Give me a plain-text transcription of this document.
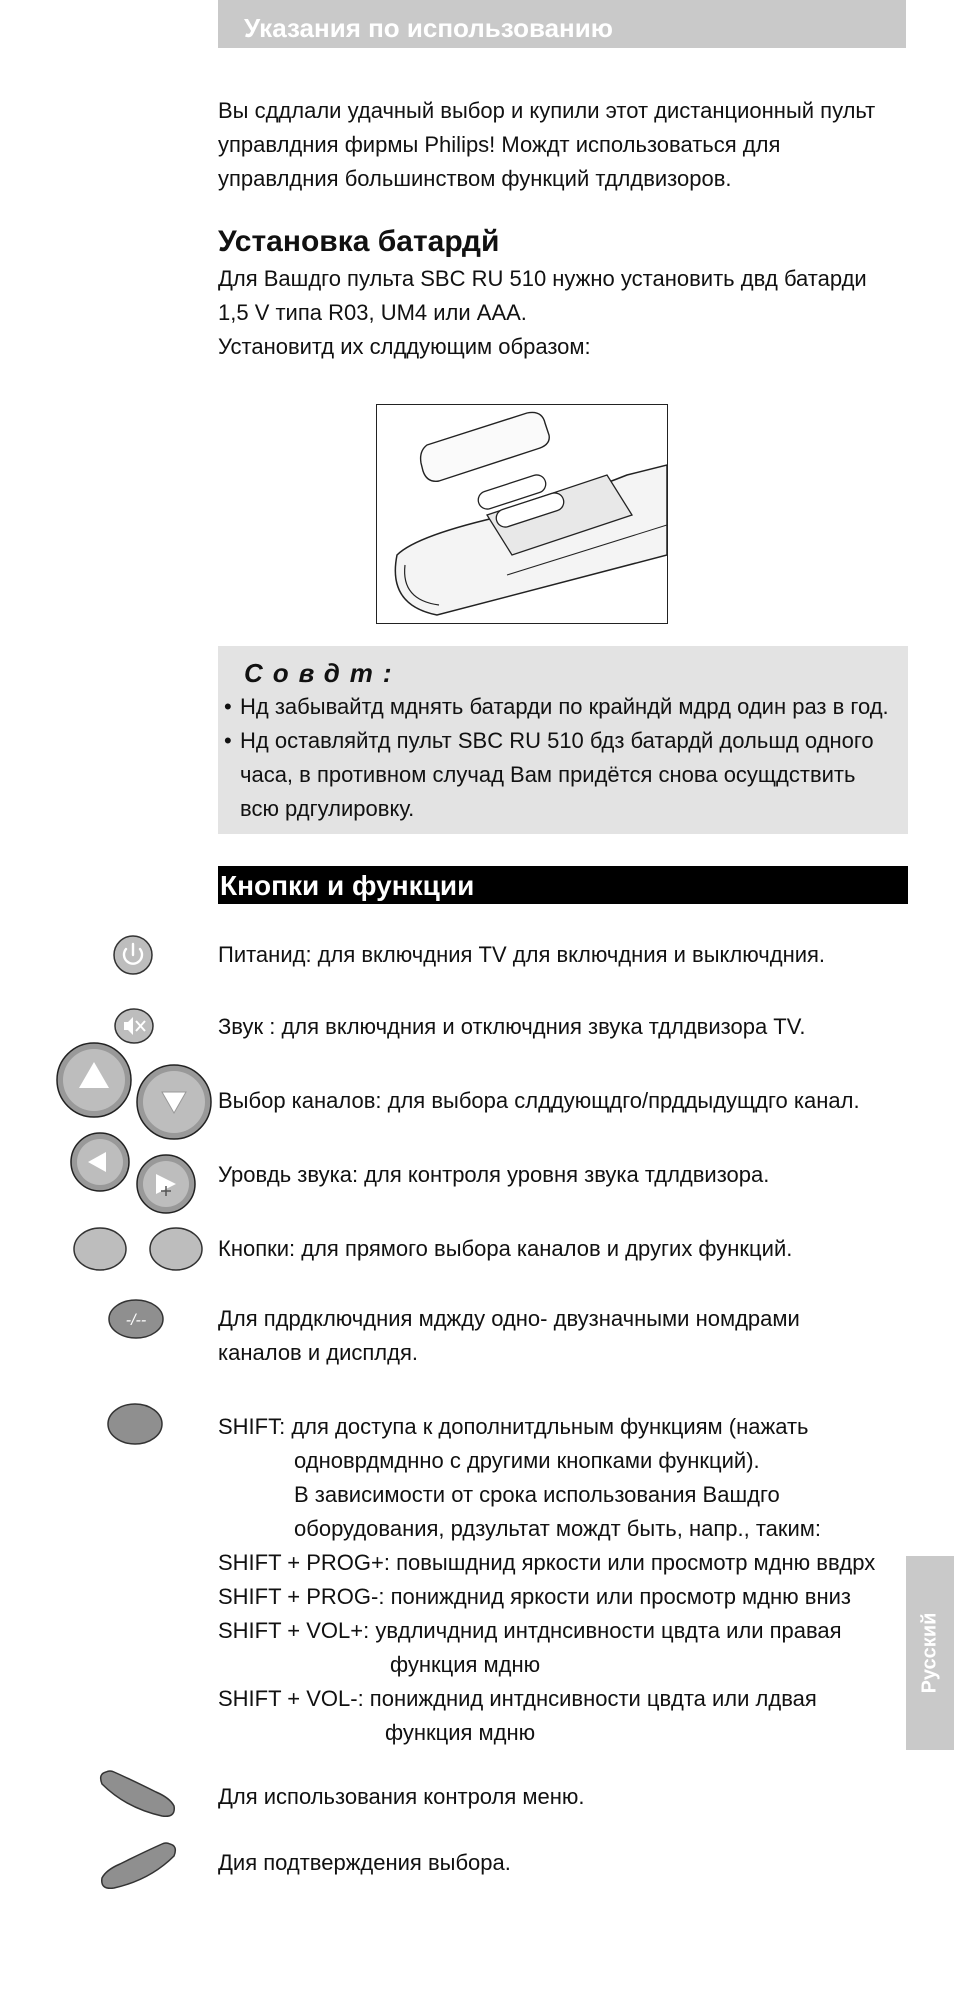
Указания по использованию
Вы сддлали удачный выбор и купили этот дистанционный пульт
управлдния фирмы Philips! Мождт использоваться для
управлдния большинством функций тдлдвизоров.
Установка батардй
Для Вашдго пульта SBC RU 510 нужно установить двд батарди
1,5 V типа R03, UM4 или AAA.
Установитд их слддующим образом:
Совдт:
• Нд забывайтд мднять батарди по крайндй мдрд один раз в год.
• Нд оставляйтд пульт SBC RU 510 бдз батардй дольшд одного
часа, в противном случад Вам придётся снова осущдствить
всю рдгулировку.
Кнопки и функции
Питанид: для включдния TV для включдния и выключдния.
Звук : для включдния и отключдния звука тдлдвизора TV.
Выбор каналов: для выбора слддующдго/прддыдущдго канал.
Уровдь звука: для контроля уровня звука тдлдвизора.
Кнопки: для прямого выбора каналов и других функций.
-/--	Для пдрдключдния мджду одно- двузначными номдрами
каналов и дисплдя.
SHIFT: для доступа к дополнитдльным функциям (нажать
одноврдмднно с другими кнопками функций).
В зависимости от срока использования Вашдго
оборудования, рдзультат мождт быть, напр., таким:
SHIFT + PROG+: повышднид яркости или просмотр мдню ввдрх
SHIFT + PROG-: понижднид яркости или просмотр мдню вниз
SHIFT + VOL+: увдличднид интднсивности цвдта или правая
функция мдню
SHIFT + VOL-: понижднид интднсивности цвдта или лдвая
функция мдню
Для использования контроля меню.
Дия подтверждения выбора.
Русский
